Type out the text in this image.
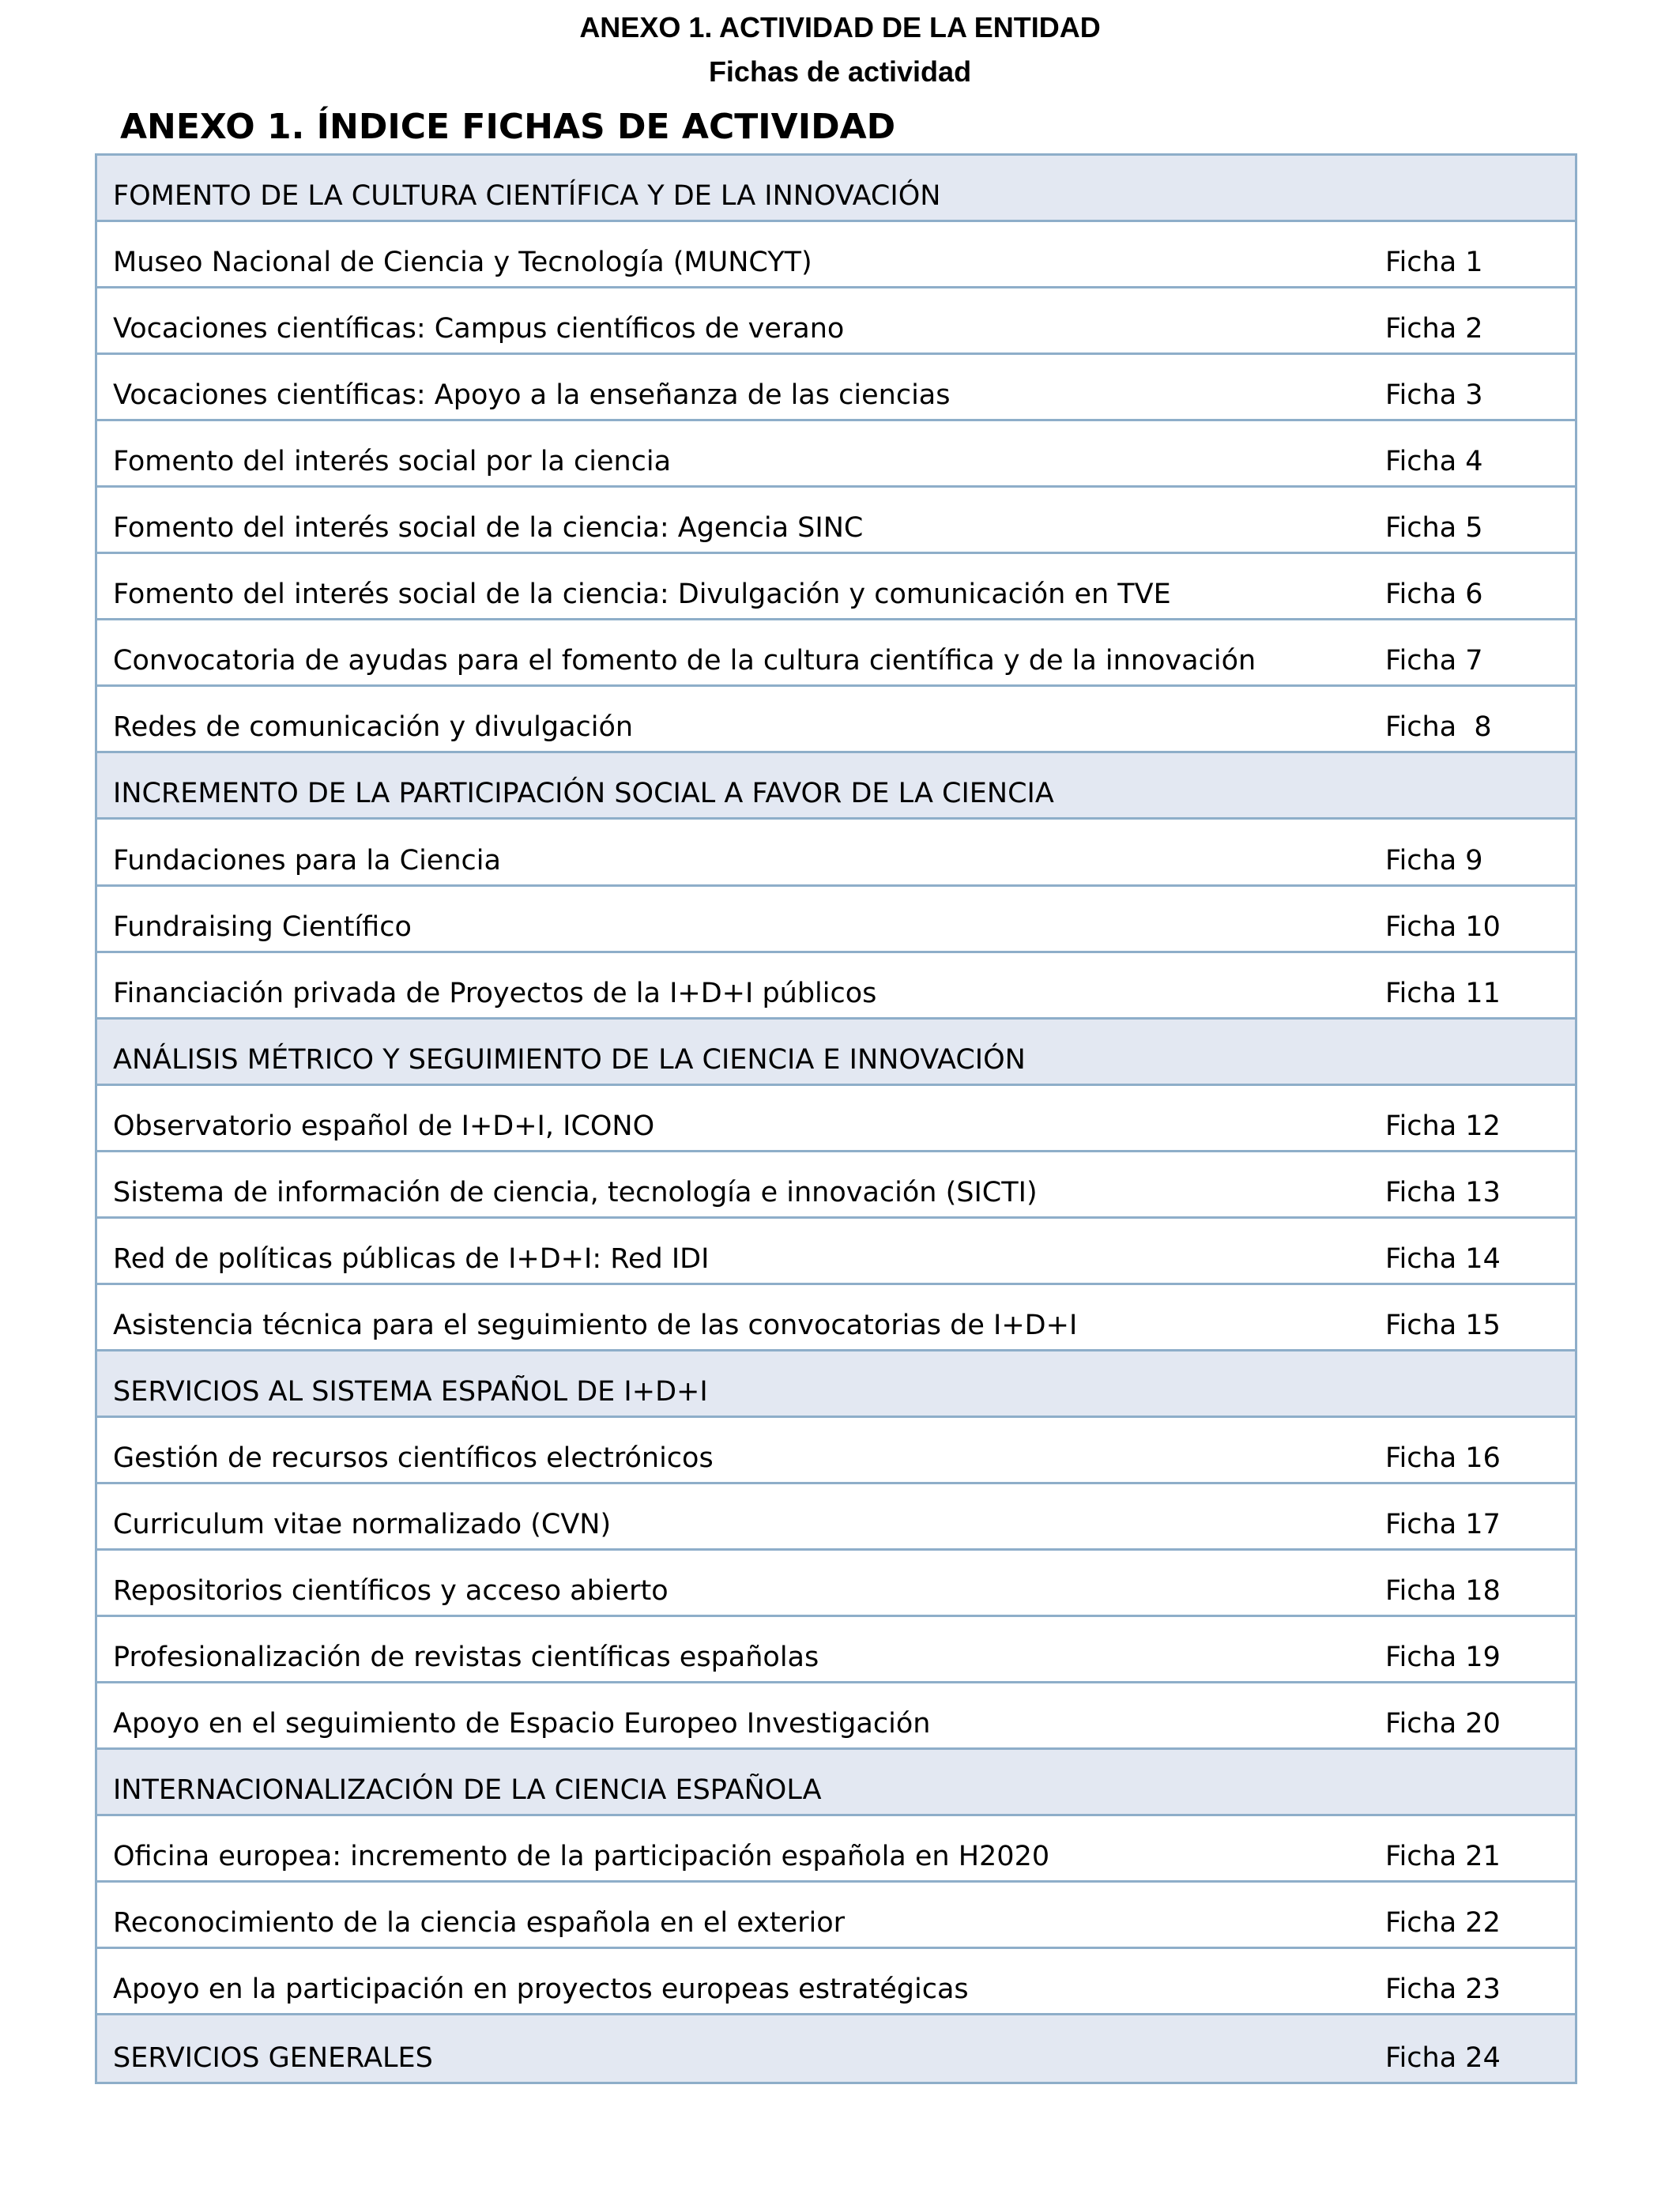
ANEXO 1. ACTIVIDAD DE LA ENTIDAD
Fichas de actividad
ANEXO 1. ÍNDICE FICHAS DE ACTIVIDAD
FOMENTO DE LA CULTURA CIENTÍFICA Y DE LA INNOVACIÓN
Museo Nacional de Ciencia y Tecnología (MUNCYT)	Ficha 1
Vocaciones científicas: Campus científicos de verano	Ficha 2
Vocaciones científicas: Apoyo a la enseñanza de las ciencias	Ficha 3
Fomento del interés social por la ciencia	Ficha 4
Fomento del interés social de la ciencia: Agencia SINC	Ficha 5
Fomento del interés social de la ciencia: Divulgación y comunicación en TVE	Ficha 6
Convocatoria de ayudas para el fomento de la cultura científica y de la innovación	Ficha 7
Redes de comunicación y divulgación	Ficha  8
INCREMENTO DE LA PARTICIPACIÓN SOCIAL A FAVOR DE LA CIENCIA
Fundaciones para la Ciencia	Ficha 9
Fundraising Científico	Ficha 10
Financiación privada de Proyectos de la I+D+I públicos	Ficha 11
ANÁLISIS MÉTRICO Y SEGUIMIENTO DE LA CIENCIA E INNOVACIÓN
Observatorio español de I+D+I, ICONO	Ficha 12
Sistema de información de ciencia, tecnología e innovación (SICTI)	Ficha 13
Red de políticas públicas de I+D+I: Red IDI	Ficha 14
Asistencia técnica para el seguimiento de las convocatorias de I+D+I	Ficha 15
SERVICIOS AL SISTEMA ESPAÑOL DE I+D+I
Gestión de recursos científicos electrónicos	Ficha 16
Curriculum vitae normalizado (CVN)	Ficha 17
Repositorios científicos y acceso abierto	Ficha 18
Profesionalización de revistas científicas españolas	Ficha 19
Apoyo en el seguimiento de Espacio Europeo Investigación	Ficha 20
INTERNACIONALIZACIÓN DE LA CIENCIA ESPAÑOLA
Oficina europea: incremento de la participación española en H2020	Ficha 21
Reconocimiento de la ciencia española en el exterior	Ficha 22
Apoyo en la participación en proyectos europeas estratégicas	Ficha 23
SERVICIOS GENERALES	Ficha 24
